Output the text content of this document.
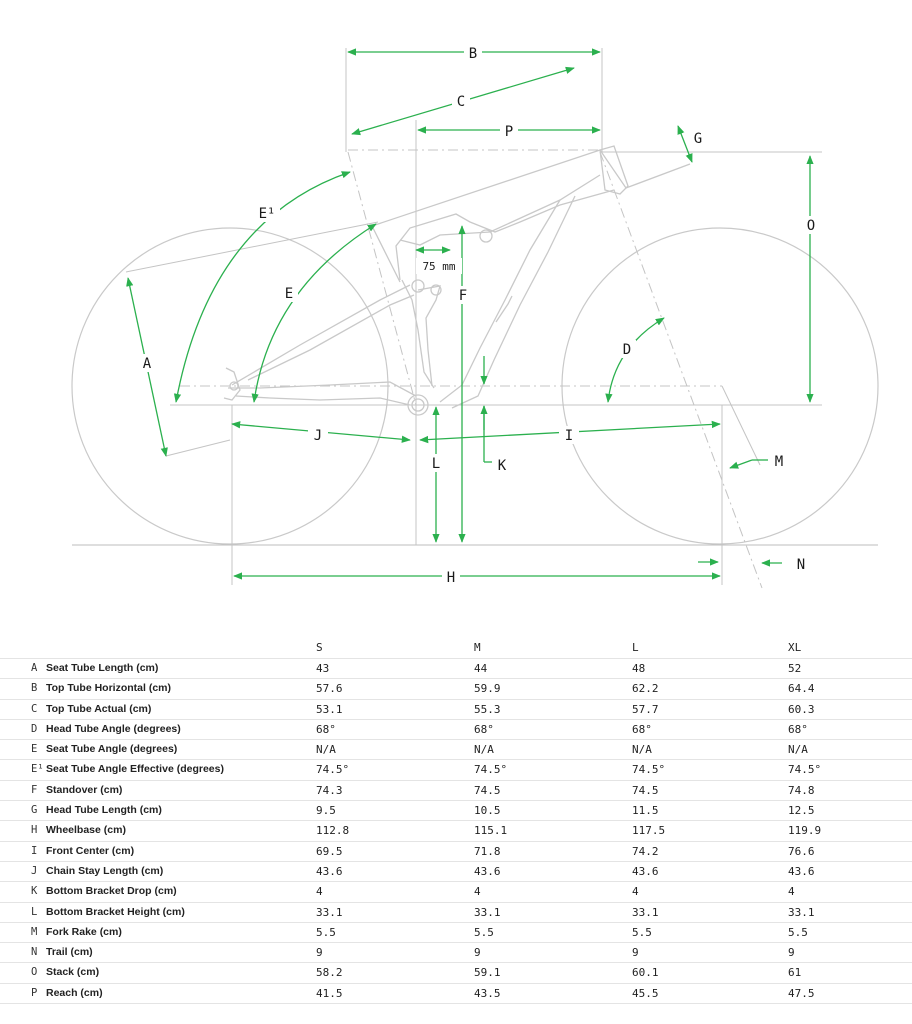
B
C
P	G
O
E¹
E
A
D
75 mm
F
K
L
J	I
M
H
N
S	M	L	XL
A Seat Tube Length (cm)	43	44	48	52
B Top Tube Horizontal (cm)	57.6	59.9	62.2	64.4
C Top Tube Actual (cm)	53.1	55.3	57.7	60.3
D Head Tube Angle (degrees)	68°	68°	68°	68°
E Seat Tube Angle (degrees)	N/A	N/A	N/A	N/A
E¹ Seat Tube Angle Effective (degrees)	74.5°	74.5°	74.5°	74.5°
F Standover (cm)	74.3	74.5	74.5	74.8
G Head Tube Length (cm)	9.5	10.5	11.5	12.5
H Wheelbase (cm)	112.8	115.1	117.5	119.9
I Front Center (cm)	69.5	71.8	74.2	76.6
J Chain Stay Length (cm)	43.6	43.6	43.6	43.6
K Bottom Bracket Drop (cm)	4	4	4	4
L Bottom Bracket Height (cm)	33.1	33.1	33.1	33.1
M Fork Rake (cm)	5.5	5.5	5.5	5.5
N Trail (cm)	9	9	9	9
O Stack (cm)	58.2	59.1	60.1	61
P Reach (cm)	41.5	43.5	45.5	47.5
